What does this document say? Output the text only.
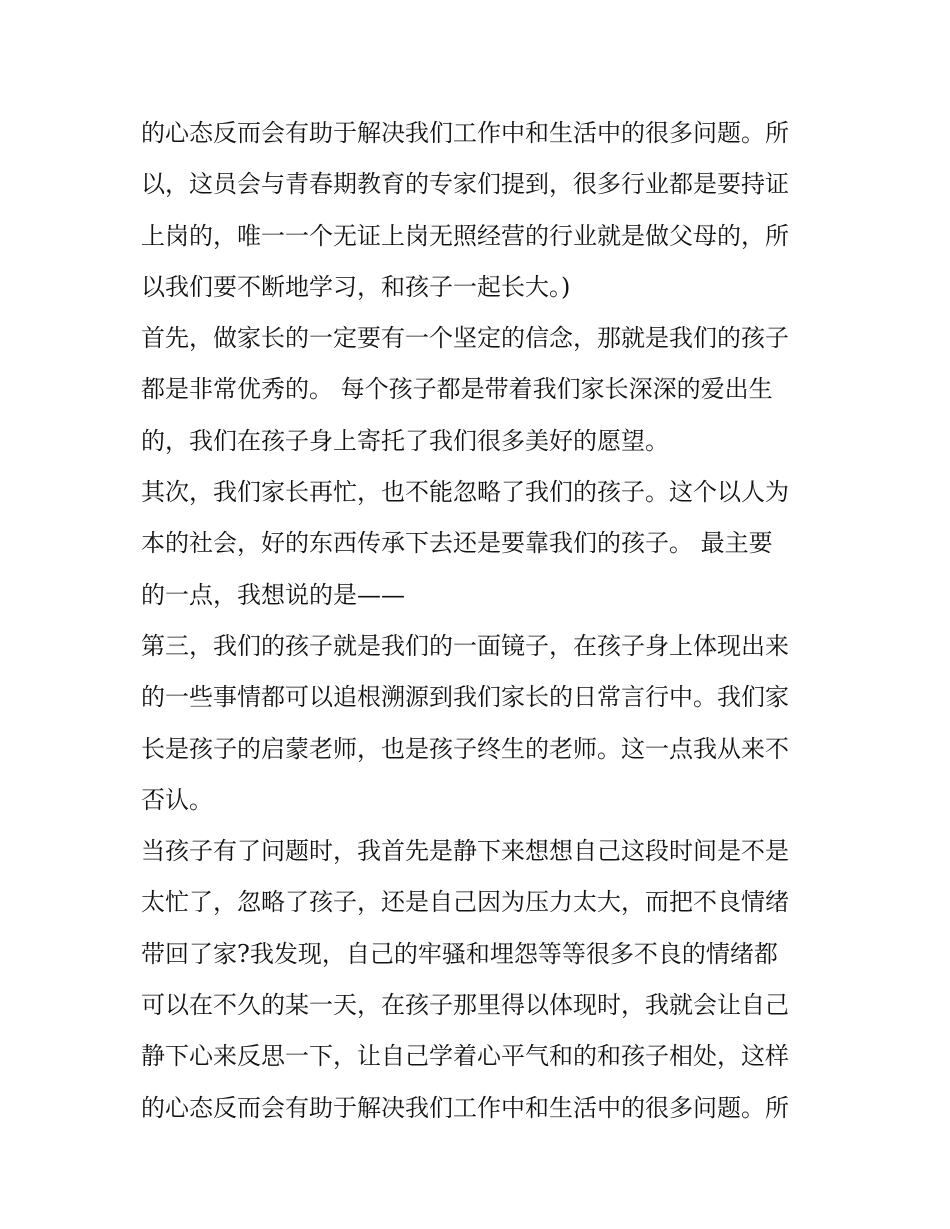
的心态反而会有助于解决我们工作中和生活中的很多问题。所
以，这员会与青春期教育的专家们提到，很多行业都是要持证
上岗的，唯一一个无证上岗无照经营的行业就是做父母的，所
以我们要不断地学习，和孩子一起长大。)
首先，做家长的一定要有一个坚定的信念，那就是我们的孩子
都是非常优秀的。 每个孩子都是带着我们家长深深的爱出生
的，我们在孩子身上寄托了我们很多美好的愿望。
其次，我们家长再忙，也不能忽略了我们的孩子。这个以人为
本的社会，好的东西传承下去还是要靠我们的孩子。 最主要
的一点，我想说的是——
第三，我们的孩子就是我们的一面镜子，在孩子身上体现出来
的一些事情都可以追根溯源到我们家长的日常言行中。我们家
长是孩子的启蒙老师，也是孩子终生的老师。这一点我从来不
否认。
当孩子有了问题时，我首先是静下来想想自己这段时间是不是
太忙了，忽略了孩子，还是自己因为压力太大，而把不良情绪
带回了家?我发现，自己的牢骚和埋怨等等很多不良的情绪都
可以在不久的某一天，在孩子那里得以体现时，我就会让自己
静下心来反思一下，让自己学着心平气和的和孩子相处，这样
的心态反而会有助于解决我们工作中和生活中的很多问题。所
